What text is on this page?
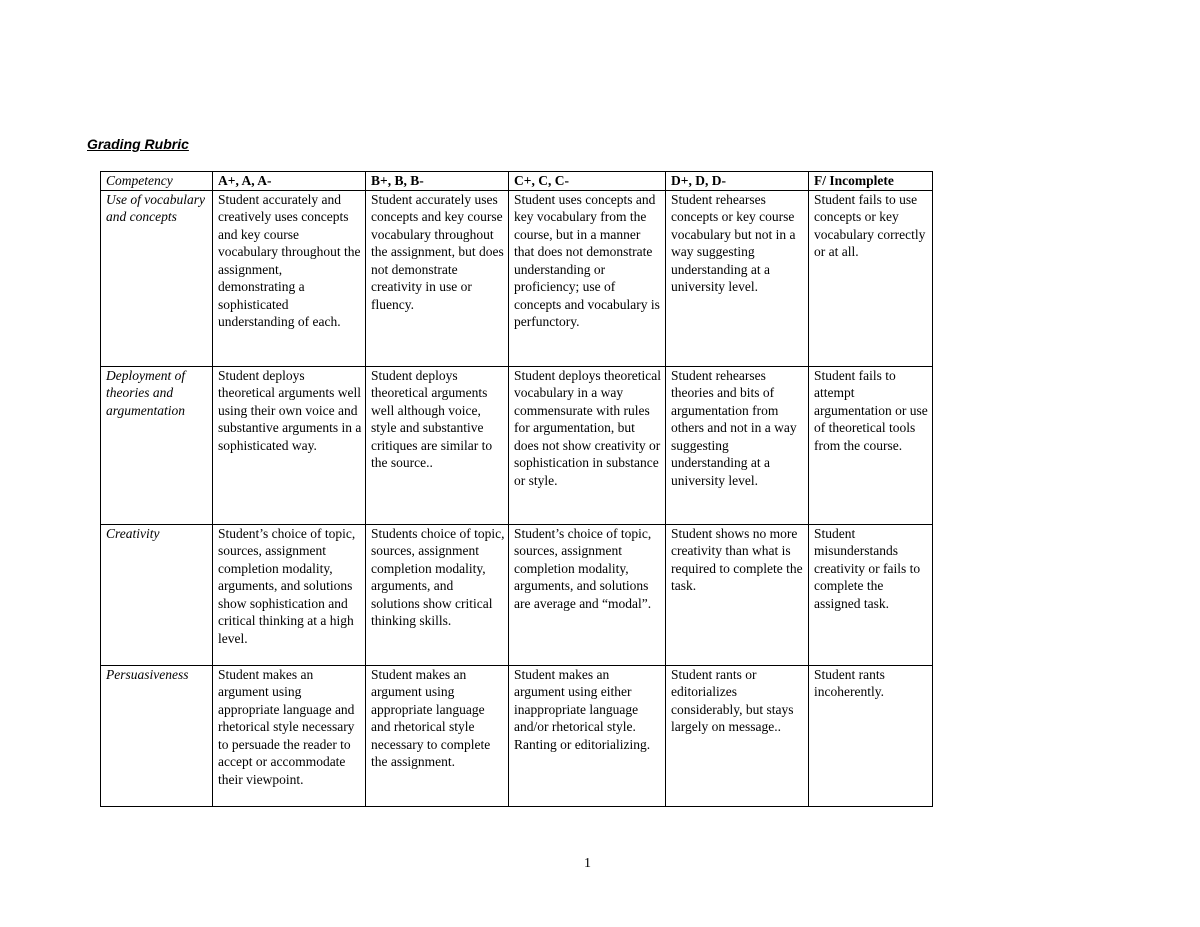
Grading Rubric
Competency	A+, A, A-	B+, B, B-	C+, C, C-	D+, D, D-	F/ Incomplete
Use of vocabulary and concepts	Student accurately and creatively uses concepts and key course vocabulary throughout the assignment, demonstrating a sophisticated understanding of each.	Student accurately uses concepts and key course vocabulary throughout the assignment, but does not demonstrate creativity in use or fluency.	Student uses concepts and key vocabulary from the course, but in a manner that does not demonstrate understanding or proficiency; use of concepts and vocabulary is perfunctory.	Student rehearses concepts or key course vocabulary but not in a way suggesting understanding at a university level.	Student fails to use concepts or key vocabulary correctly or at all.
Deployment of theories and argumentation	Student deploys theoretical arguments well using their own voice and substantive arguments in a sophisticated way.	Student deploys theoretical arguments well although voice, style and substantive critiques are similar to the source..	Student deploys theoretical vocabulary in a way commensurate with rules for argumentation, but does not show creativity or sophistication in substance or style.	Student rehearses theories and bits of argumentation from others and not in a way suggesting understanding at a university level.	Student fails to attempt argumentation or use of theoretical tools from the course.
Creativity	Student’s choice of topic, sources, assignment completion modality, arguments, and solutions show sophistication and critical thinking at a high level.	Students choice of topic, sources, assignment completion modality, arguments, and solutions show critical thinking skills.	Student’s choice of topic, sources, assignment completion modality, arguments, and solutions are average and “modal”.	Student shows no more creativity than what is required to complete the task.	Student misunderstands creativity or fails to complete the assigned task.
Persuasiveness	Student makes an argument using appropriate language and rhetorical style necessary to persuade the reader to accept or accommodate their viewpoint.	Student makes an argument using appropriate language and rhetorical style necessary to complete the assignment.	Student makes an argument using either inappropriate language and/or rhetorical style. Ranting or editorializing.	Student rants or editorializes considerably, but stays largely on message..	Student rants incoherently.
1
